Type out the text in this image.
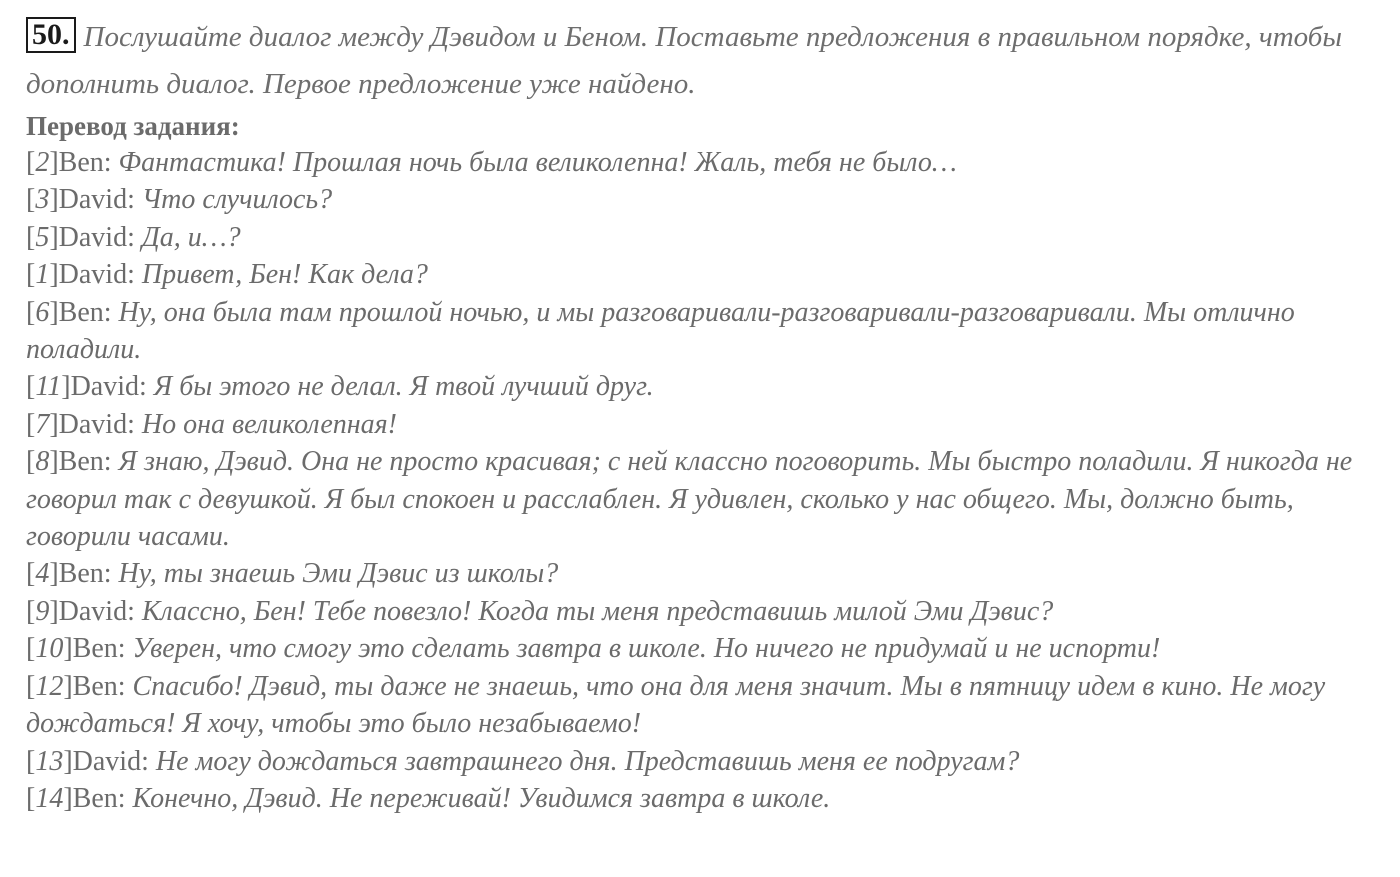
50. Послушайте диалог между Дэвидом и Беном. Поставьте предложения в правильном порядке, чтобы дополнить диалог. Первое предложение уже найдено.
Перевод задания:
[2]Ben: Фантастика! Прошлая ночь была великолепна! Жаль, тебя не было…
[3]David: Что случилось?
[5]David: Да, и…?
[1]David: Привет, Бен! Как дела?
[6]Ben: Ну, она была там прошлой ночью, и мы разговаривали-разговаривали-разговаривали. Мы отлично поладили.
[11]David: Я бы этого не делал. Я твой лучший друг.
[7]David: Но она великолепная!
[8]Ben: Я знаю, Дэвид. Она не просто красивая; с ней классно поговорить. Мы быстро поладили. Я никогда не говорил так с девушкой. Я был спокоен и расслаблен. Я удивлен, сколько у нас общего. Мы, должно быть, говорили часами.
[4]Ben: Ну, ты знаешь Эми Дэвис из школы?
[9]David: Классно, Бен! Тебе повезло! Когда ты меня представишь милой Эми Дэвис?
[10]Ben: Уверен, что смогу это сделать завтра в школе. Но ничего не придумай и не испорти!
[12]Ben: Спасибо! Дэвид, ты даже не знаешь, что она для меня значит. Мы в пятницу идем в кино. Не могу дождаться! Я хочу, чтобы это было незабываемо!
[13]David: Не могу дождаться завтрашнего дня. Представишь меня ее подругам?
[14]Ben: Конечно, Дэвид. Не переживай! Увидимся завтра в школе.
